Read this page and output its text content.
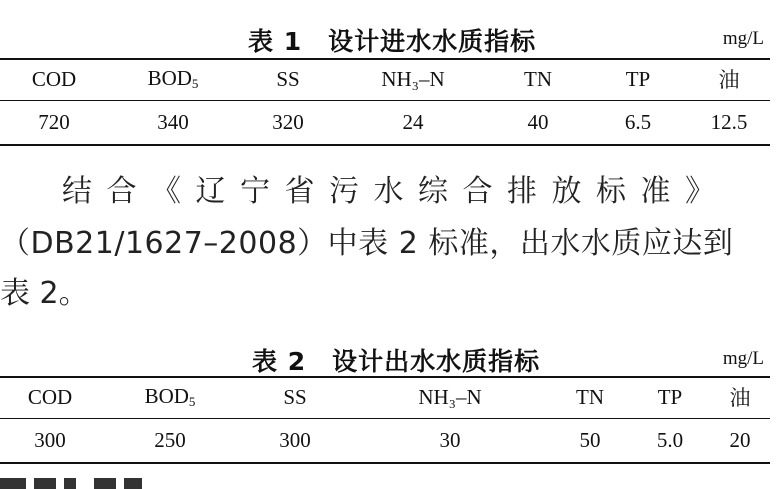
表 1　设计进水水质指标	mg/L
COD	$BOD_5$	SS	NH₃–N	TN	TP	油
720	340	320	24	40	6.5	12.5
结合《辽宁省污水综合排放标准》
（DB21/1627–2008）中表 2 标准，出水水质应达到
表 2。
表 2　设计出水水质指标	mg/L
COD	$BOD_5$	SS	NH₃–N	TN	TP	油
300	250	300	30	50	5.0	20
